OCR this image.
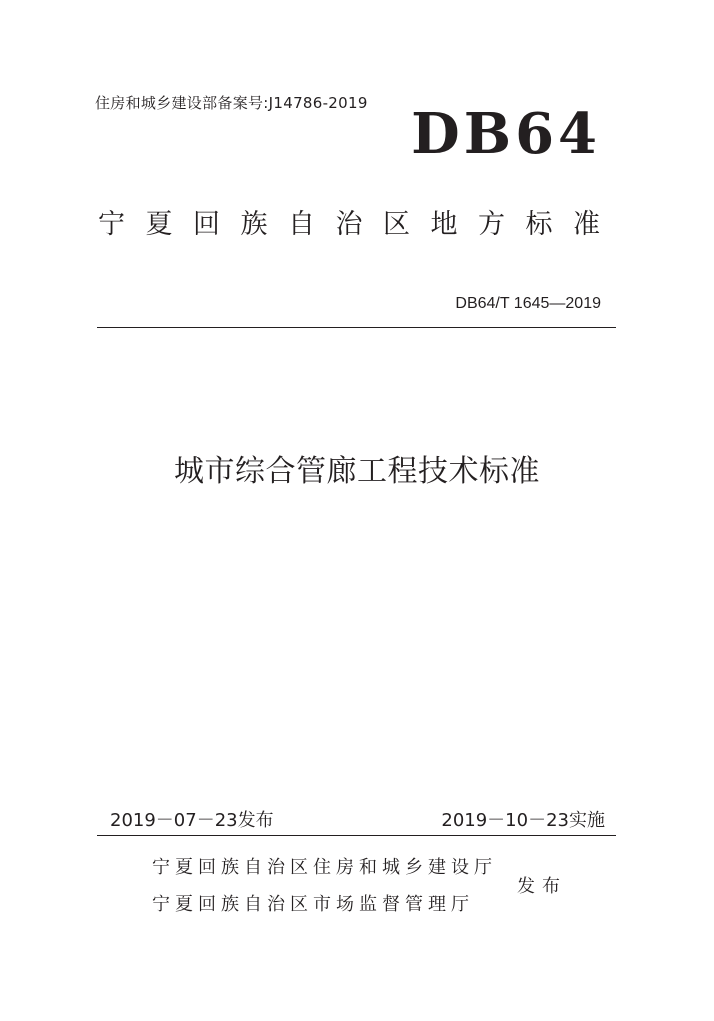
住房和城乡建设部备案号:J14786-2019 DB64
宁夏回族自治区地方标准
DB64/T 1645—2019
城市综合管廊工程技术标准
2019－07－23发布	2019－10－23实施
宁夏回族自治区住房和城乡建设厅
宁夏回族自治区市场监督管理厅
发布
